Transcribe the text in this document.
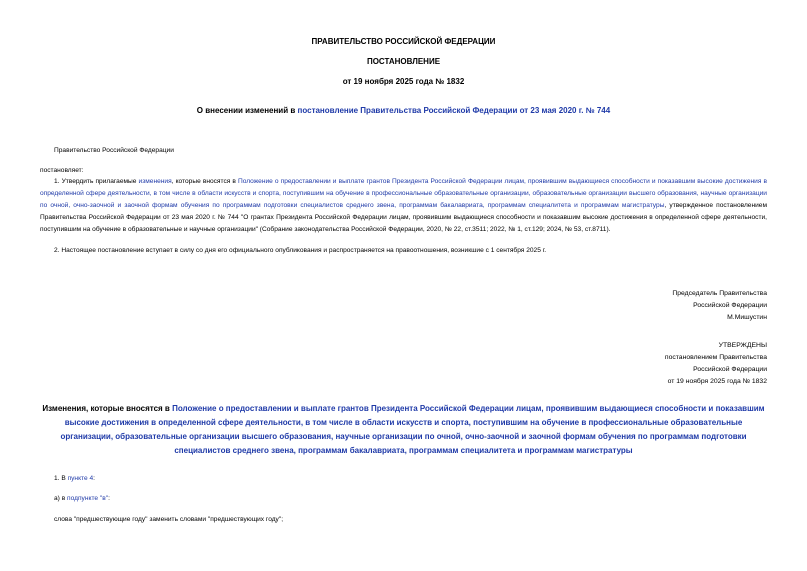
ПРАВИТЕЛЬСТВО РОССИЙСКОЙ ФЕДЕРАЦИИ
ПОСТАНОВЛЕНИЕ
от 19 ноября 2025 года № 1832
О внесении изменений в постановление Правительства Российской Федерации от 23 мая 2020 г. № 744
Правительство Российской Федерации
постановляет:
1. Утвердить прилагаемые изменения, которые вносятся в Положение о предоставлении и выплате грантов Президента Российской Федерации лицам, проявившим выдающиеся способности и показавшим высокие достижения в определенной сфере деятельности, в том числе в области искусств и спорта, поступившим на обучение в профессиональные образовательные организации, образовательные организации высшего образования, научные организации по очной, очно-заочной и заочной формам обучения по программам подготовки специалистов среднего звена, программам бакалавриата, программам специалитета и программам магистратуры, утвержденное постановлением Правительства Российской Федерации от 23 мая 2020 г. № 744 "О грантах Президента Российской Федерации лицам, проявившим выдающиеся способности и показавшим высокие достижения в определенной сфере деятельности, поступившим на обучение в образовательные и научные организации" (Собрание законодательства Российской Федерации, 2020, № 22, ст.3511; 2022, № 1, ст.129; 2024, № 53, ст.8711).
2. Настоящее постановление вступает в силу со дня его официального опубликования и распространяется на правоотношения, возникшие с 1 сентября 2025 г.
Председатель Правительства
Российской Федерации
М.Мишустин
УТВЕРЖДЕНЫ
постановлением Правительства
Российской Федерации
от 19 ноября 2025 года № 1832
Изменения, которые вносятся в Положение о предоставлении и выплате грантов Президента Российской Федерации лицам, проявившим выдающиеся способности и показавшим высокие достижения в определенной сфере деятельности, в том числе в области искусств и спорта, поступившим на обучение в профессиональные образовательные организации, образовательные организации высшего образования, научные организации по очной, очно-заочной и заочной формам обучения по программам подготовки специалистов среднего звена, программам бакалавриата, программам специалитета и программам магистратуры
1. В пункте 4:
а) в подпункте "в":
слова "предшествующие году" заменить словами "предшествующих году";
